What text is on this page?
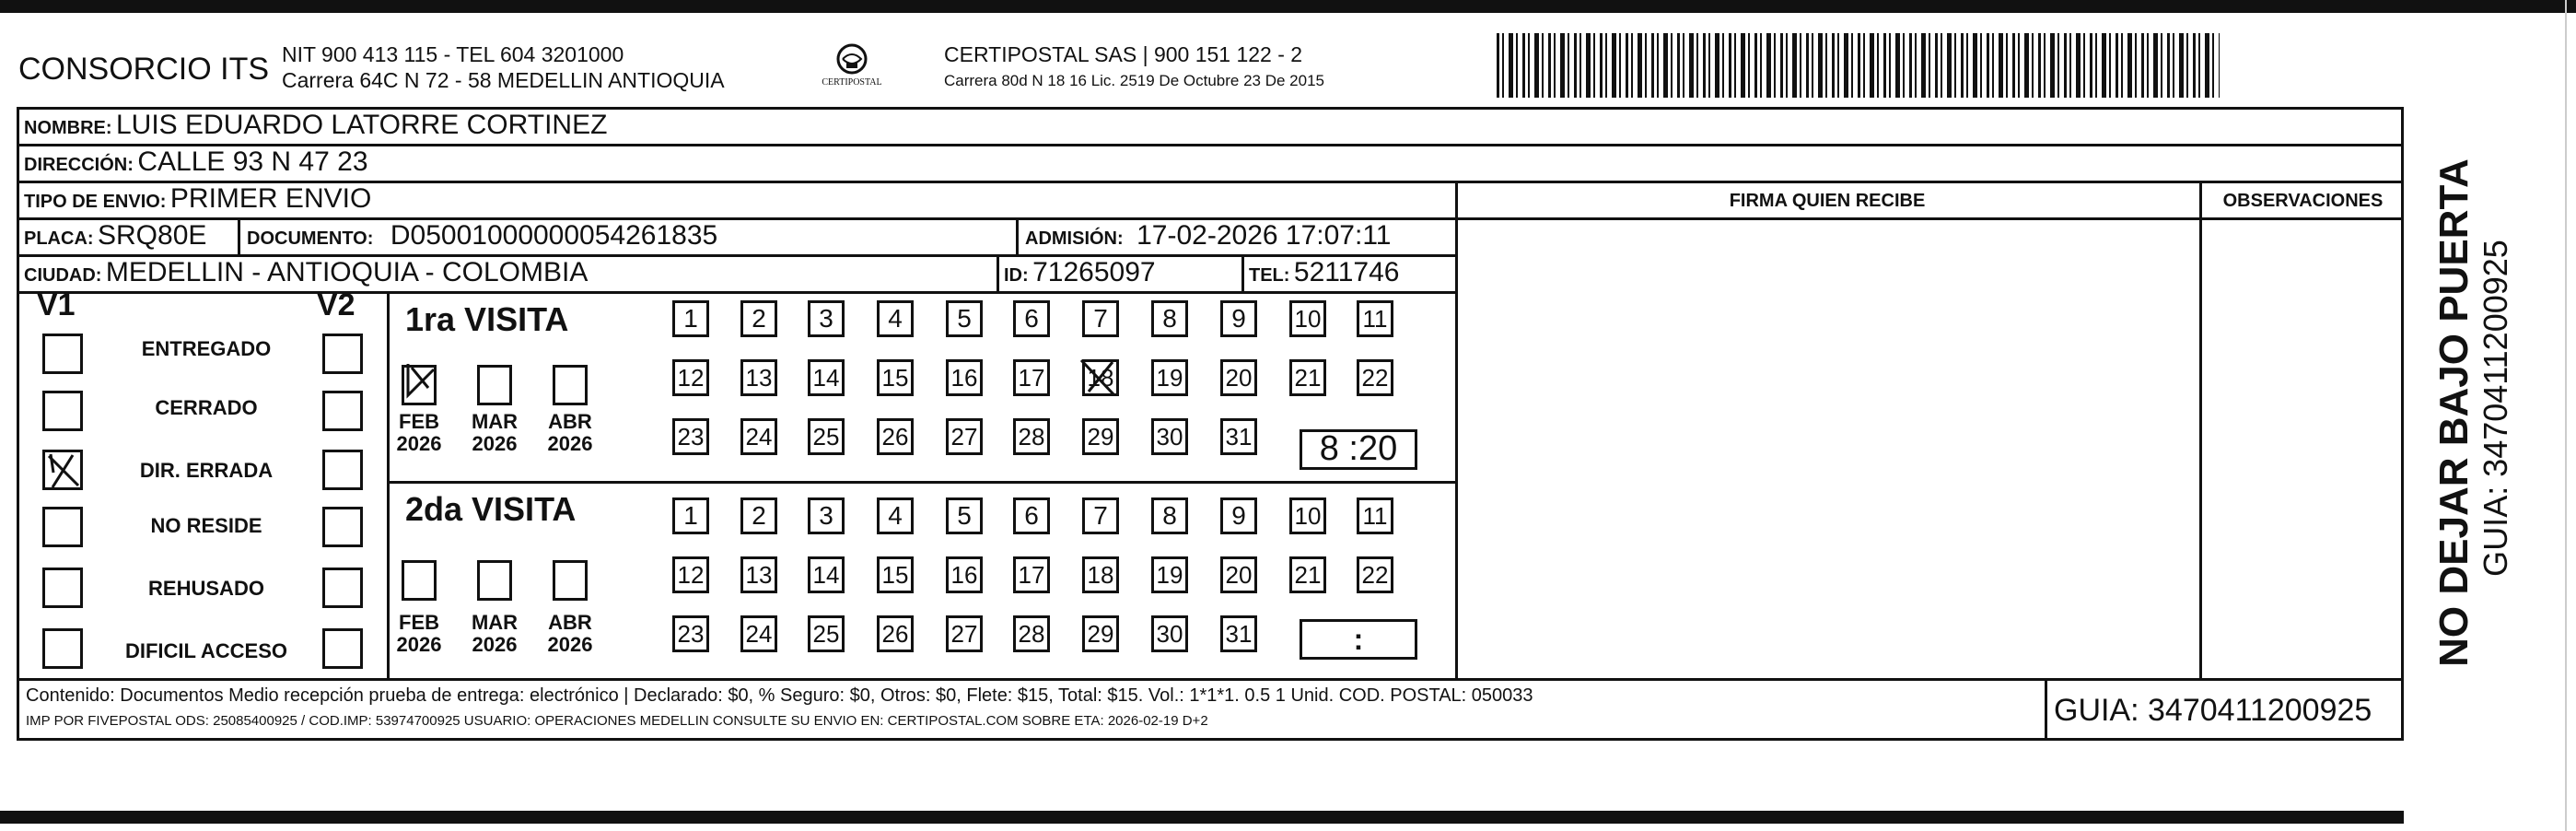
CONSORCIO ITS NIT 900 413 115 - TEL 604 3201000
Carrera 64C N 72 - 58 MEDELLIN ANTIOQUIA	CERTIPOSTAL
CERTIPOSTAL SAS | 900 151 122 - 2
Carrera 80d N 18 16 Lic. 2519 De Octubre 23 De 2015
NOMBRE: LUIS EDUARDO LATORRE CORTINEZ
DIRECCIÓN: CALLE 93 N 47 23
TIPO DE ENVIO: PRIMER ENVIO	FIRMA QUIEN RECIBE	OBSERVACIONES
PLACA: SRQ80E DOCUMENTO: D05001000000054261835	ADMISIÓN: 17-02-2026 17:07:11
CIUDAD: MEDELLIN - ANTIOQUIA - COLOMBIA	ID: 71265097	TEL: 5211746
V1	V2
ENTREGADO
CERRADO
DIR. ERRADA
NO RESIDE
REHUSADO
DIFICIL ACCESO
1ra VISITA
FEB
2026
MAR
2026
ABR
2026
1	2	3	4	5	6	7	8	9	10 11
12 13 14 15 16 17 18 19 20 21 22
23 24 25 26 27 28 29 30 31	8 :20
2da VISITA
FEB
2026
MAR
2026
ABR
2026
1	2	3	4	5	6	7	8	9	10 11
12 13 14 15 16 17 18 19 20 21 22
23 24 25 26 27 28 29 30 31	:
Contenido: Documentos Medio recepción prueba de entrega: electrónico | Declarado: $0, % Seguro: $0, Otros: $0, Flete: $15, Total: $15. Vol.: 1*1*1. 0.5 1 Unid. COD. POSTAL: 050033
IMP POR FIVEPOSTAL ODS: 25085400925 / COD.IMP: 53974700925 USUARIO: OPERACIONES MEDELLIN CONSULTE SU ENVIO EN: CERTIPOSTAL.COM SOBRE ETA: 2026-02-19 D+2	GUIA: 3470411200925
NO DEJAR BAJO PUERTA GUIA: 3470411200925
